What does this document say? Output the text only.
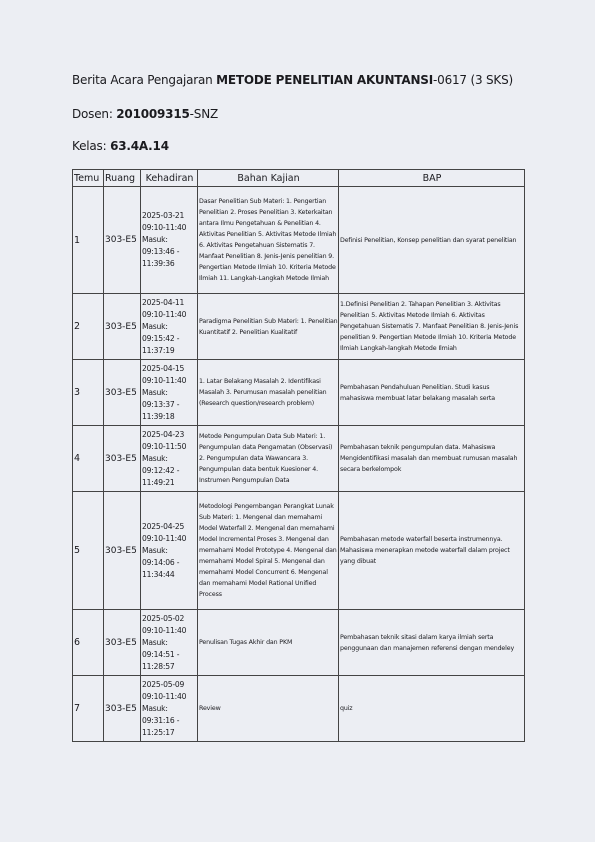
Berita Acara Pengajaran METODE PENELITIAN AKUNTANSI-0617 (3 SKS)
Dosen: 201009315-SNZ
Kelas: 63.4A.14
Temu	Ruang	Kehadiran	Bahan Kajian	BAP
1	303-E5	2025-03-21 09:10-11:40 Masuk: 09:13:46 - 11:39:36	Dasar Penelitian Sub Materi: 1. Pengertian Penelitian 2. Proses Penelitian 3. Keterkaitan antara Ilmu Pengetahuan & Penelitian 4. Aktivitas Penelitian 5. Aktivitas Metode Ilmiah 6. Aktivitas Pengetahuan Sistematis 7. Manfaat Penelitian 8. Jenis-Jenis penelitian 9. Pengertian Metode Ilmiah 10. Kriteria Metode Ilmiah 11. Langkah-Langkah Metode Ilmiah	Definisi Penelitian, Konsep penelitian dan syarat penelitian
2	303-E5	2025-04-11 09:10-11:40 Masuk: 09:15:42 - 11:37:19	Paradigma Penelitian Sub Materi: 1. Penelitian Kuantitatif 2. Penelitian Kualitatif	1.Definisi Penelitian 2. Tahapan Penelitian 3. Aktivitas Penelitian 5. Aktivitas Metode Ilmiah 6. Aktivitas Pengetahuan Sistematis 7. Manfaat Penelitian 8. Jenis-Jenis penelitian 9. Pengertian Metode Ilmiah 10. Kriteria Metode Ilmiah Langkah-langkah Metode Ilmiah
3	303-E5	2025-04-15 09:10-11:40 Masuk: 09:13:37 - 11:39:18	1. Latar Belakang Masalah 2. Identifikasi Masalah 3. Perumusan masalah penelitian (Research question/research problem)	Pembahasan Pendahuluan Penelitian. Studi kasus mahasiswa membuat latar belakang masalah serta
4	303-E5	2025-04-23 09:10-11:50 Masuk: 09:12:42 - 11:49:21	Metode Pengumpulan Data Sub Materi: 1. Pengumpulan data Pengamatan (Observasi) 2. Pengumpulan data Wawancara 3. Pengumpulan data bentuk Kuesioner 4. Instrumen Pengumpulan Data	Pembahasan teknik pengumpulan data. Mahasiswa Mengidentifikasi masalah dan membuat rumusan masalah secara berkelompok
5	303-E5	2025-04-25 09:10-11:40 Masuk: 09:14:06 - 11:34:44	Metodologi Pengembangan Perangkat Lunak Sub Materi: 1. Mengenal dan memahami Model Waterfall 2. Mengenal dan memahami Model Incremental Proses 3. Mengenal dan memahami Model Prototype 4. Mengenal dan memahami Model Spiral 5. Mengenal dan memahami Model Concurrent 6. Mengenal dan memahami Model Rational Unified Process	Pembahasan metode waterfall beserta instrumennya. Mahasiswa menerapkan metode waterfall dalam project yang dibuat
6	303-E5	2025-05-02 09:10-11:40 Masuk: 09:14:51 - 11:28:57	Penulisan Tugas Akhir dan PKM	Pembahasan teknik sitasi dalam karya ilmiah serta penggunaan dan manajemen referensi dengan mendeley
7	303-E5	2025-05-09 09:10-11:40 Masuk: 09:31:16 - 11:25:17	Review	quiz
